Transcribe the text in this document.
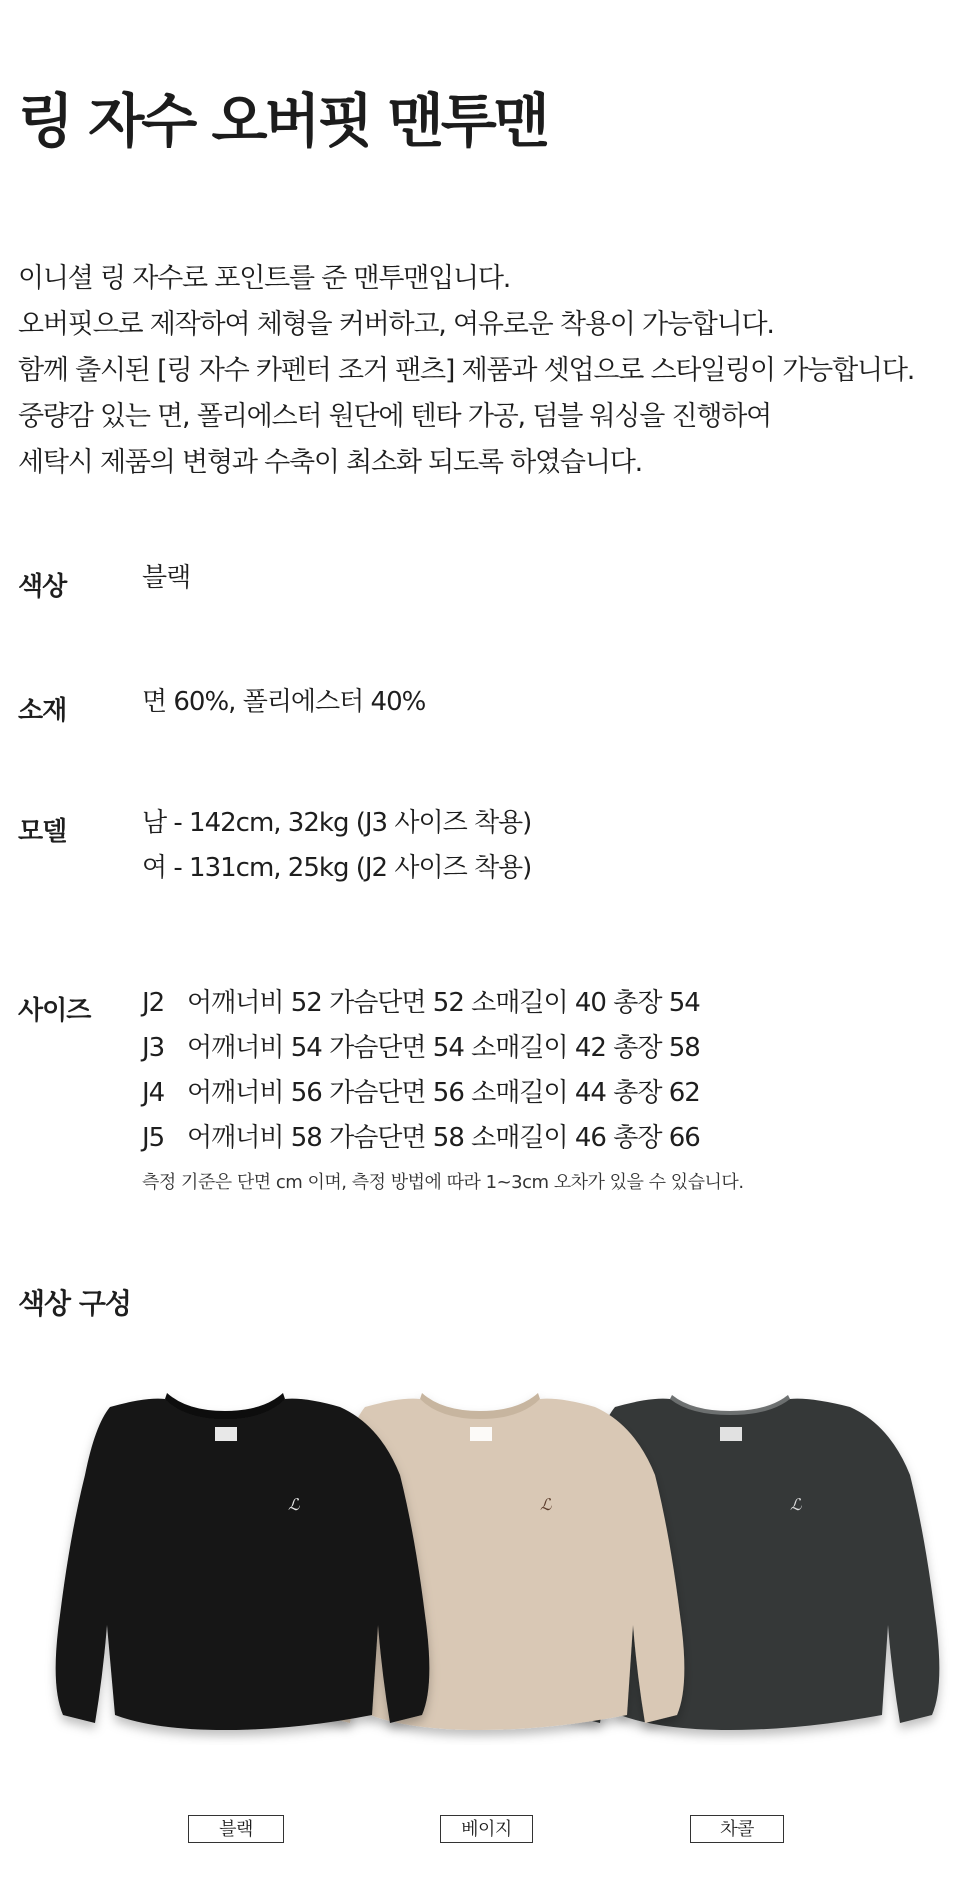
링 자수 오버핏 맨투맨
이니셜 링 자수로 포인트를 준 맨투맨입니다.
오버핏으로 제작하여 체형을 커버하고, 여유로운 착용이 가능합니다.
함께 출시된 [링 자수 카펜터 조거 팬츠] 제품과 셋업으로 스타일링이 가능합니다.
중량감 있는 면, 폴리에스터 원단에 텐타 가공, 덤블 워싱을 진행하여
세탁시 제품의 변형과 수축이 최소화 되도록 하였습니다.
색상	블랙
소재	면 60%, 폴리에스터 40%
모델	남 - 142cm, 32kg (J3 사이즈 착용)
여 - 131cm, 25kg (J2 사이즈 착용)
사이즈 J2 어깨너비 52 가슴단면 52 소매길이 40 총장 54
J3 어깨너비 54 가슴단면 54 소매길이 42 총장 58
J4 어깨너비 56 가슴단면 56 소매길이 44 총장 62
J5 어깨너비 58 가슴단면 58 소매길이 46 총장 66
측정 기준은 단면 cm 이며, 측정 방법에 따라 1~3cm 오차가 있을 수 있습니다.
색상 구성
ℒ
ℒ
ℒ
블랙	베이지	차콜
